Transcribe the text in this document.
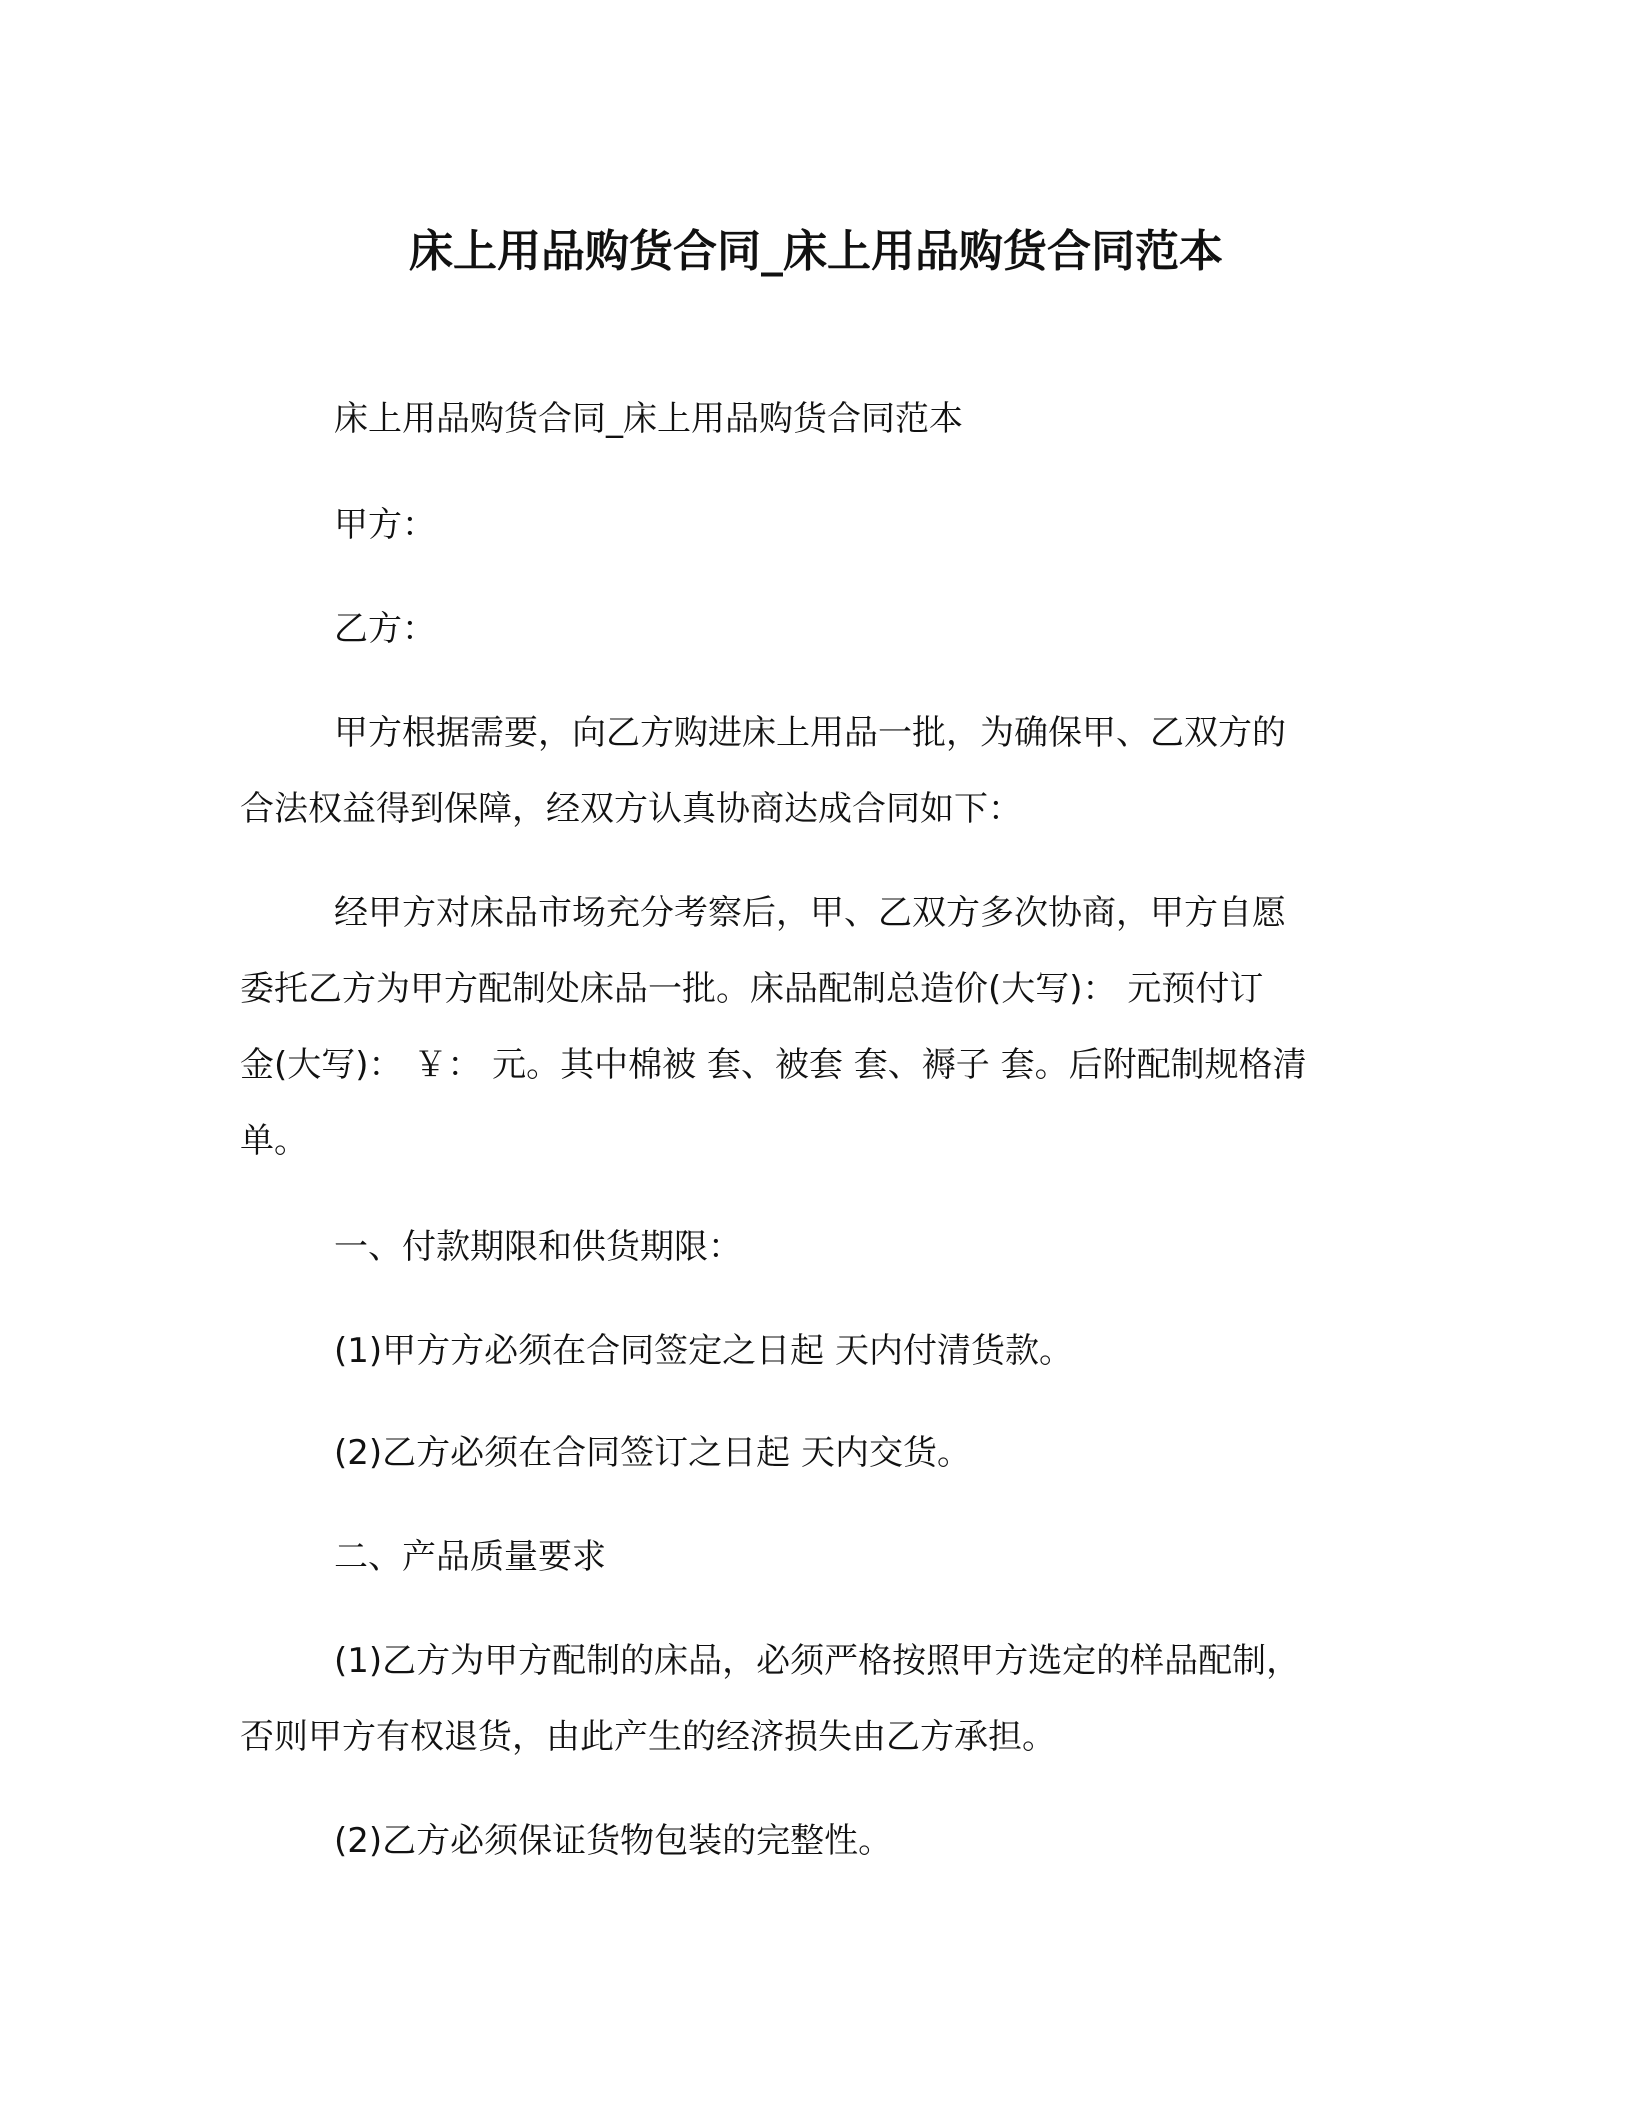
床上用品购货合同_床上用品购货合同范本
床上用品购货合同_床上用品购货合同范本
甲方：
乙方：
甲方根据需要，向乙方购进床上用品一批，为确保甲、乙双方的
合法权益得到保障，经双方认真协商达成合同如下：
经甲方对床品市场充分考察后，甲、乙双方多次协商，甲方自愿
委托乙方为甲方配制处床品一批。床品配制总造价(大写)： 元预付订
金(大写)： ￥： 元。其中棉被 套、被套 套、褥子 套。后附配制规格清
单。
一、付款期限和供货期限：
(1)甲方方必须在合同签定之日起 天内付清货款。
(2)乙方必须在合同签订之日起 天内交货。
二、产品质量要求
(1)乙方为甲方配制的床品，必须严格按照甲方选定的样品配制，
否则甲方有权退货，由此产生的经济损失由乙方承担。
(2)乙方必须保证货物包装的完整性。
